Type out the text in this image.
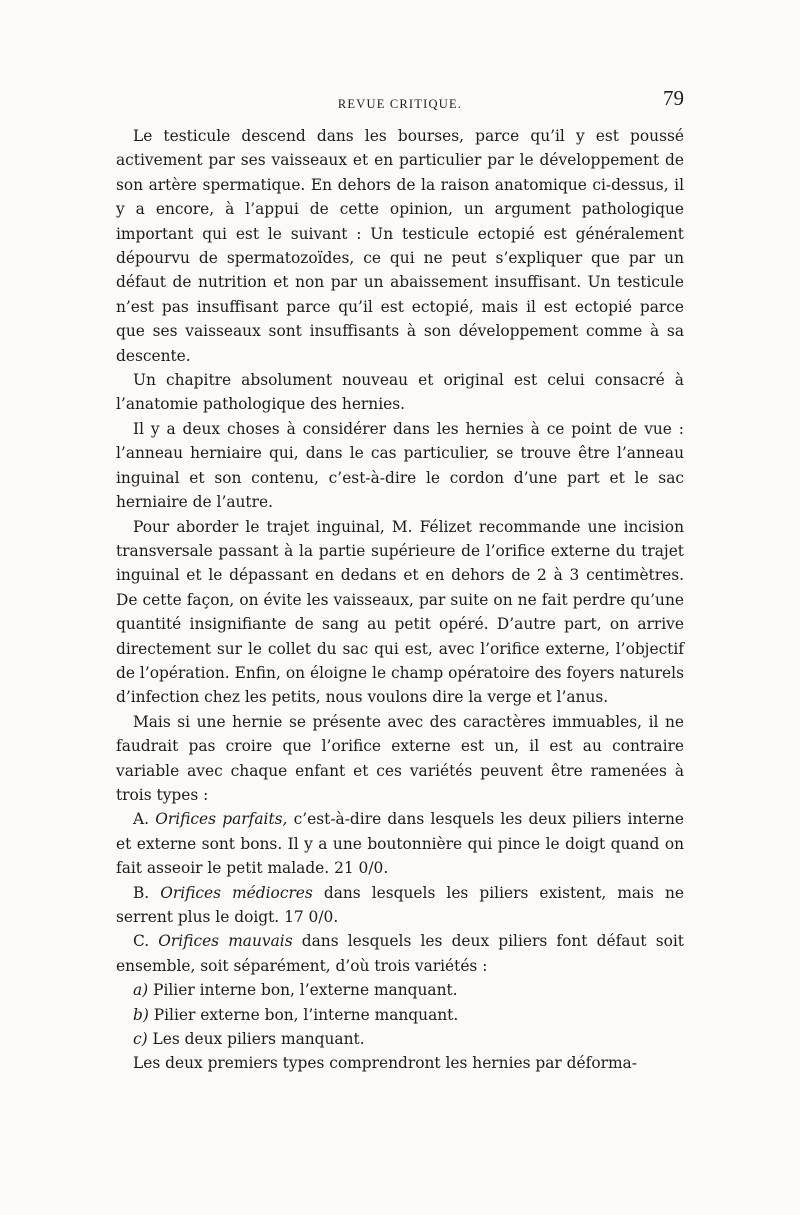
REVUE CRITIQUE.	79

Le testicule descend dans les bourses, parce qu’il y est poussé activement par ses vaisseaux et en particulier par le développement de son artère spermatique. En dehors de la raison anatomique ci-dessus, il y a encore, à l’appui de cette opinion, un argument pathologique important qui est le suivant : Un testicule ectopié est généralement dépourvu de spermatozoïdes, ce qui ne peut s’expliquer que par un défaut de nutrition et non par un abaissement insuffisant. Un testicule n’est pas insuffisant parce qu’il est ectopié, mais il est ectopié parce que ses vaisseaux sont insuffisants à son développement comme à sa descente.

Un chapitre absolument nouveau et original est celui consacré à l’anatomie pathologique des hernies.

Il y a deux choses à considérer dans les hernies à ce point de vue : l’anneau herniaire qui, dans le cas particulier, se trouve être l’anneau inguinal et son contenu, c’est-à-dire le cordon d’une part et le sac herniaire de l’autre.

Pour aborder le trajet inguinal, M. Félizet recommande une incision transversale passant à la partie supérieure de l’orifice externe du trajet inguinal et le dépassant en dedans et en dehors de 2 à 3 centimètres. De cette façon, on évite les vaisseaux, par suite on ne fait perdre qu’une quantité insignifiante de sang au petit opéré. D’autre part, on arrive directement sur le collet du sac qui est, avec l’orifice externe, l’objectif de l’opération. Enfin, on éloigne le champ opératoire des foyers naturels d’infection chez les petits, nous voulons dire la verge et l’anus.

Mais si une hernie se présente avec des caractères immuables, il ne faudrait pas croire que l’orifice externe est un, il est au contraire variable avec chaque enfant et ces variétés peuvent être ramenées à trois types :

A. Orifices parfaits, c’est-à-dire dans lesquels les deux piliers interne et externe sont bons. Il y a une boutonnière qui pince le doigt quand on fait asseoir le petit malade. 21 0/0.

B. Orifices médiocres dans lesquels les piliers existent, mais ne serrent plus le doigt. 17 0/0.

C. Orifices mauvais dans lesquels les deux piliers font défaut soit ensemble, soit séparément, d’où trois variétés :

a) Pilier interne bon, l’externe manquant.

b) Pilier externe bon, l’interne manquant.

c) Les deux piliers manquant.

Les deux premiers types comprendront les hernies par déforma-
